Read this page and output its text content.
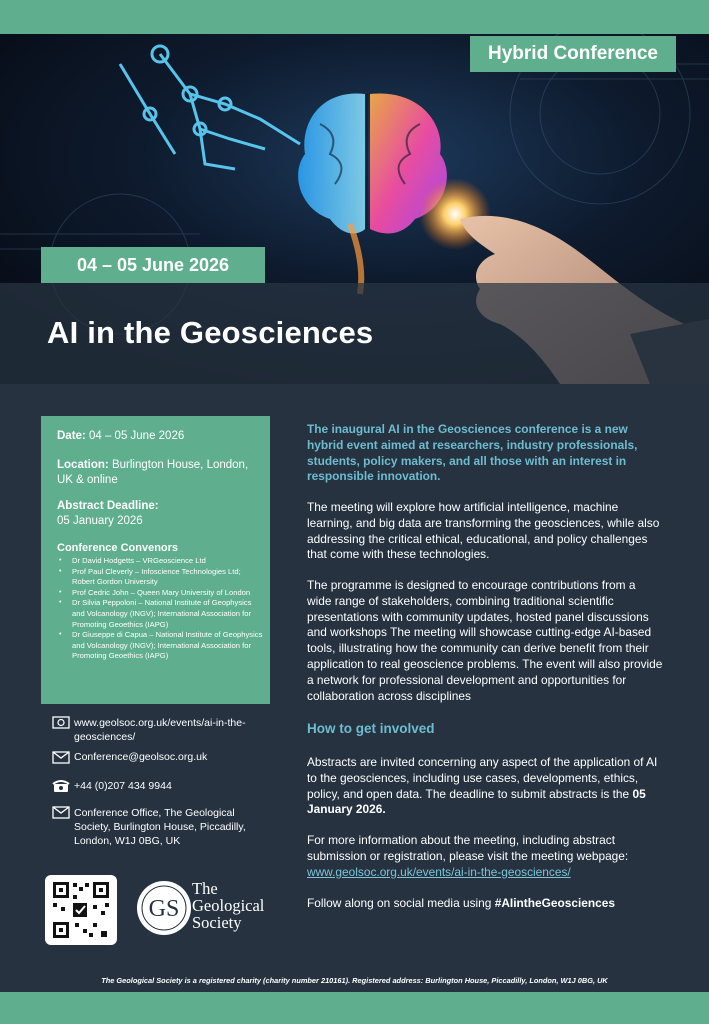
Hybrid Conference
04 – 05 June 2026
AI in the Geosciences
Date: 04 – 05 June 2026
Location: Burlington House, London, UK & online
Abstract Deadline:
05 January 2026
Conference Convenors
• Dr David Hodgetts – VRGeoscience Ltd
• Prof Paul Cleverly – Infoscience Technologies Ltd; Robert Gordon University
• Prof Cedric John – Queen Mary University of London
• Dr Silvia Peppoloni – National Institute of Geophysics and Volcanology (INGV); International Association for Promoting Geoethics (IAPG)
• Dr Giuseppe di Capua – National Institute of Geophysics and Volcanology (INGV); International Association for Promoting Geoethics (IAPG)
www.geolsoc.org.uk/events/ai-in-the-geosciences/
Conference@geolsoc.org.uk
+44 (0)207 434 9944
Conference Office, The Geological Society, Burlington House, Piccadilly, London, W1J 0BG, UK
GS
The
Geological
Society
The inaugural AI in the Geosciences conference is a new hybrid event aimed at researchers, industry professionals, students, policy makers, and all those with an interest in responsible innovation.
The meeting will explore how artificial intelligence, machine learning, and big data are transforming the geosciences, while also addressing the critical ethical, educational, and policy challenges that come with these technologies.
The programme is designed to encourage contributions from a wide range of stakeholders, combining traditional scientific presentations with community updates, hosted panel discussions and workshops The meeting will showcase cutting-edge AI-based tools, illustrating how the community can derive benefit from their application to real geoscience problems. The event will also provide a network for professional development and opportunities for collaboration across disciplines
How to get involved
Abstracts are invited concerning any aspect of the application of AI to the geosciences, including use cases, developments, ethics, policy, and open data. The deadline to submit abstracts is the 05 January 2026.
For more information about the meeting, including abstract submission or registration, please visit the meeting webpage:
www.geolsoc.org.uk/events/ai-in-the-geosciences/
Follow along on social media using #AIintheGeosciences
The Geological Society is a registered charity (charity number 210161). Registered address: Burlington House, Piccadilly, London, W1J 0BG, UK
